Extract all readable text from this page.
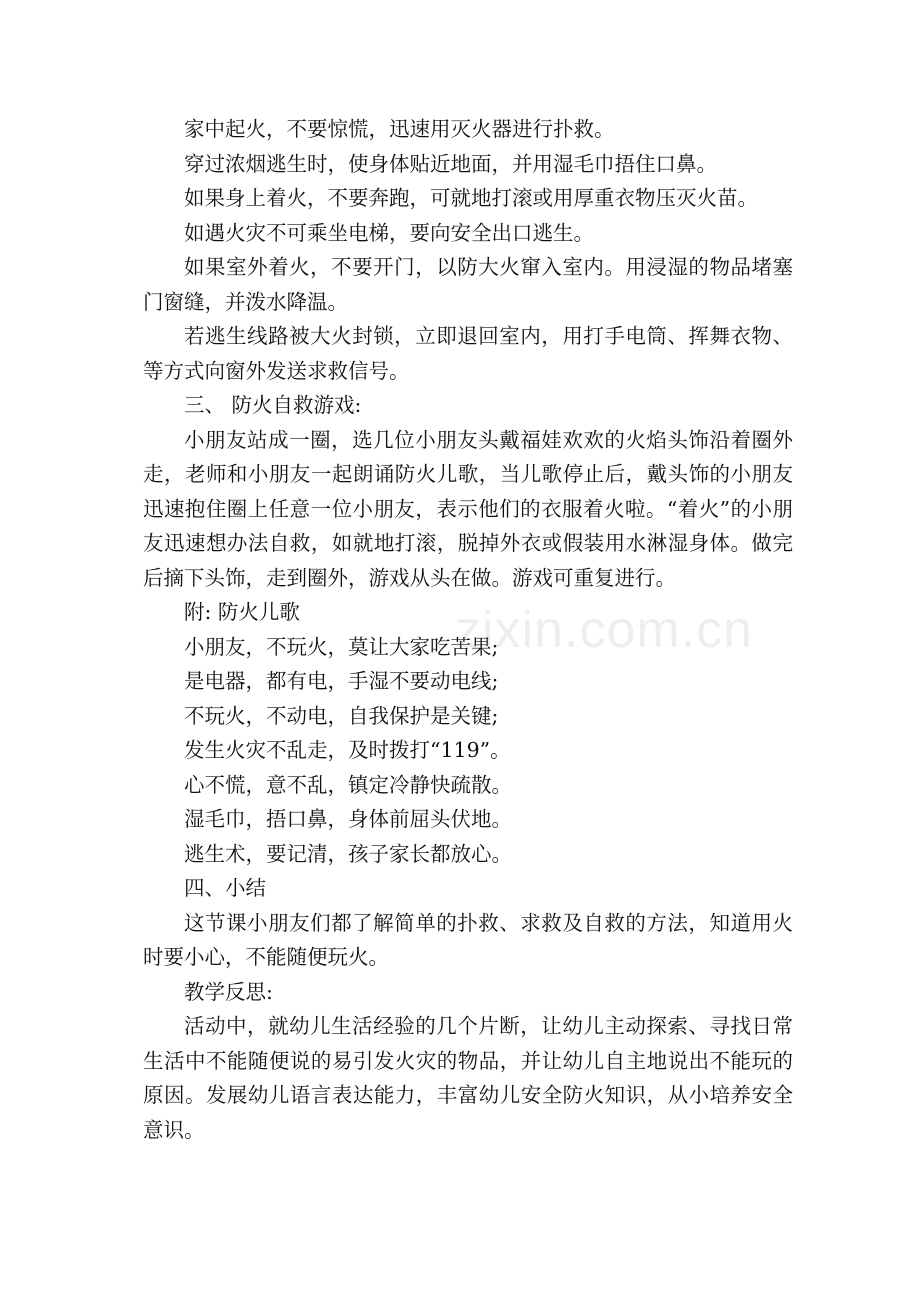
家中起火，不要惊慌，迅速用灭火器进行扑救。

穿过浓烟逃生时，使身体贴近地面，并用湿毛巾捂住口鼻。

如果身上着火，不要奔跑，可就地打滚或用厚重衣物压灭火苗。

如遇火灾不可乘坐电梯，要向安全出口逃生。

如果室外着火，不要开门，以防大火窜入室内。用浸湿的物品堵塞门窗缝，并泼水降温。

若逃生线路被大火封锁，立即退回室内，用打手电筒、挥舞衣物、等方式向窗外发送求救信号。

三、 防火自救游戏:

小朋友站成一圈，选几位小朋友头戴福娃欢欢的火焰头饰沿着圈外走，老师和小朋友一起朗诵防火儿歌，当儿歌停止后，戴头饰的小朋友迅速抱住圈上任意一位小朋友，表示他们的衣服着火啦。“着火”的小朋友迅速想办法自救，如就地打滚，脱掉外衣或假装用水淋湿身体。做完后摘下头饰，走到圈外，游戏从头在做。游戏可重复进行。

附: 防火儿歌

小朋友，不玩火，莫让大家吃苦果;

是电器，都有电，手湿不要动电线;

不玩火，不动电，自我保护是关键;

发生火灾不乱走，及时拨打“119”。

心不慌，意不乱，镇定冷静快疏散。

湿毛巾，捂口鼻，身体前屈头伏地。

逃生术，要记清，孩子家长都放心。

四、小结

这节课小朋友们都了解简单的扑救、求救及自救的方法，知道用火时要小心，不能随便玩火。

教学反思:

活动中，就幼儿生活经验的几个片断，让幼儿主动探索、寻找日常生活中不能随便说的易引发火灾的物品，并让幼儿自主地说出不能玩的原因。发展幼儿语言表达能力，丰富幼儿安全防火知识，从小培养安全意识。

zixin.com.cn
